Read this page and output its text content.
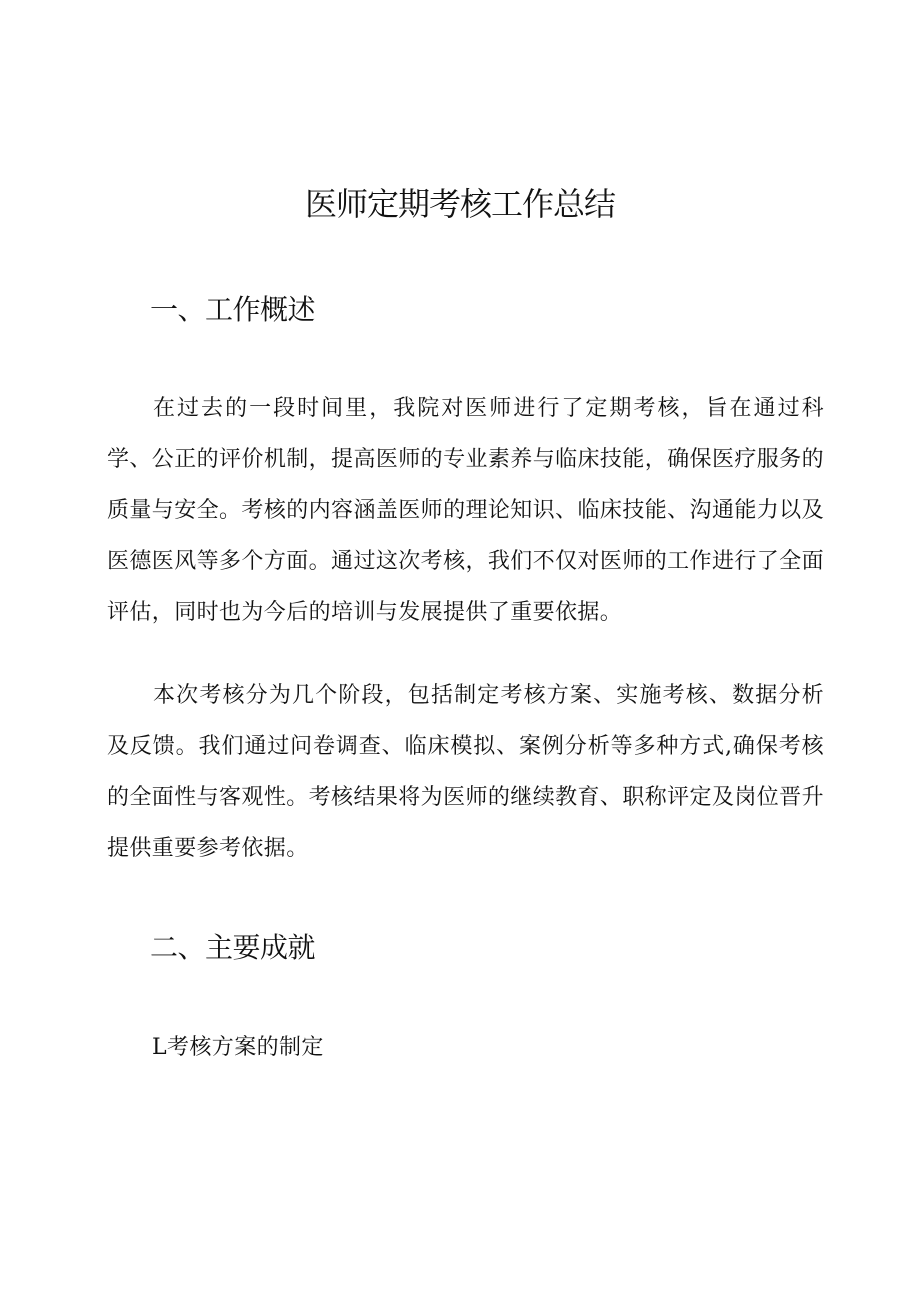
医师定期考核工作总结
一、工作概述

在过去的一段时间里，我院对医师进行了定期考核，旨在通过科学、公正的评价机制，提高医师的专业素养与临床技能，确保医疗服务的质量与安全。考核的内容涵盖医师的理论知识、临床技能、沟通能力以及医德医风等多个方面。通过这次考核，我们不仅对医师的工作进行了全面评估，同时也为今后的培训与发展提供了重要依据。

本次考核分为几个阶段，包括制定考核方案、实施考核、数据分析及反馈。我们通过问卷调查、临床模拟、案例分析等多种方式,确保考核的全面性与客观性。考核结果将为医师的继续教育、职称评定及岗位晋升提供重要参考依据。

二、主要成就

L考核方案的制定
